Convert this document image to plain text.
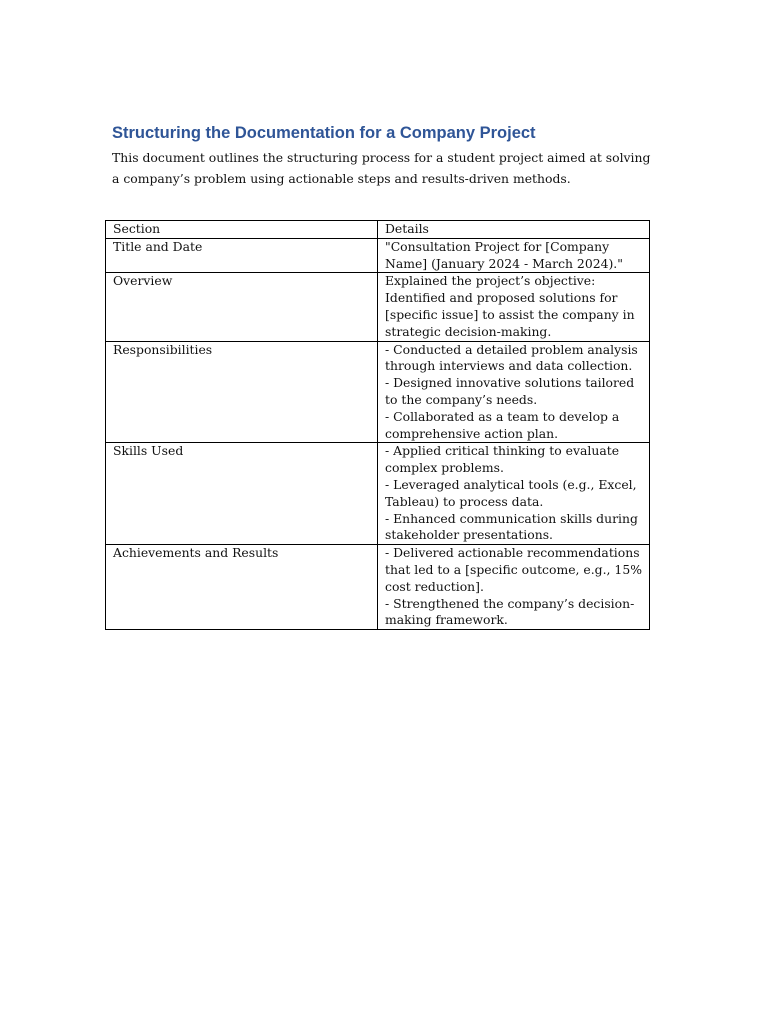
Structuring the Documentation for a Company Project

This document outlines the structuring process for a student project aimed at solving a company’s problem using actionable steps and results-driven methods.

Section	Details
Title and Date	"Consultation Project for [Company Name] (January 2024 - March 2024)."
Overview	Explained the project’s objective: Identified and proposed solutions for [specific issue] to assist the company in strategic decision-making.
Responsibilities	- Conducted a detailed problem analysis through interviews and data collection.
- Designed innovative solutions tailored to the company’s needs.
- Collaborated as a team to develop a comprehensive action plan.
Skills Used	- Applied critical thinking to evaluate complex problems.
- Leveraged analytical tools (e.g., Excel, Tableau) to process data.
- Enhanced communication skills during stakeholder presentations.
Achievements and Results	- Delivered actionable recommendations that led to a [specific outcome, e.g., 15% cost reduction].
- Strengthened the company’s decision-making framework.
